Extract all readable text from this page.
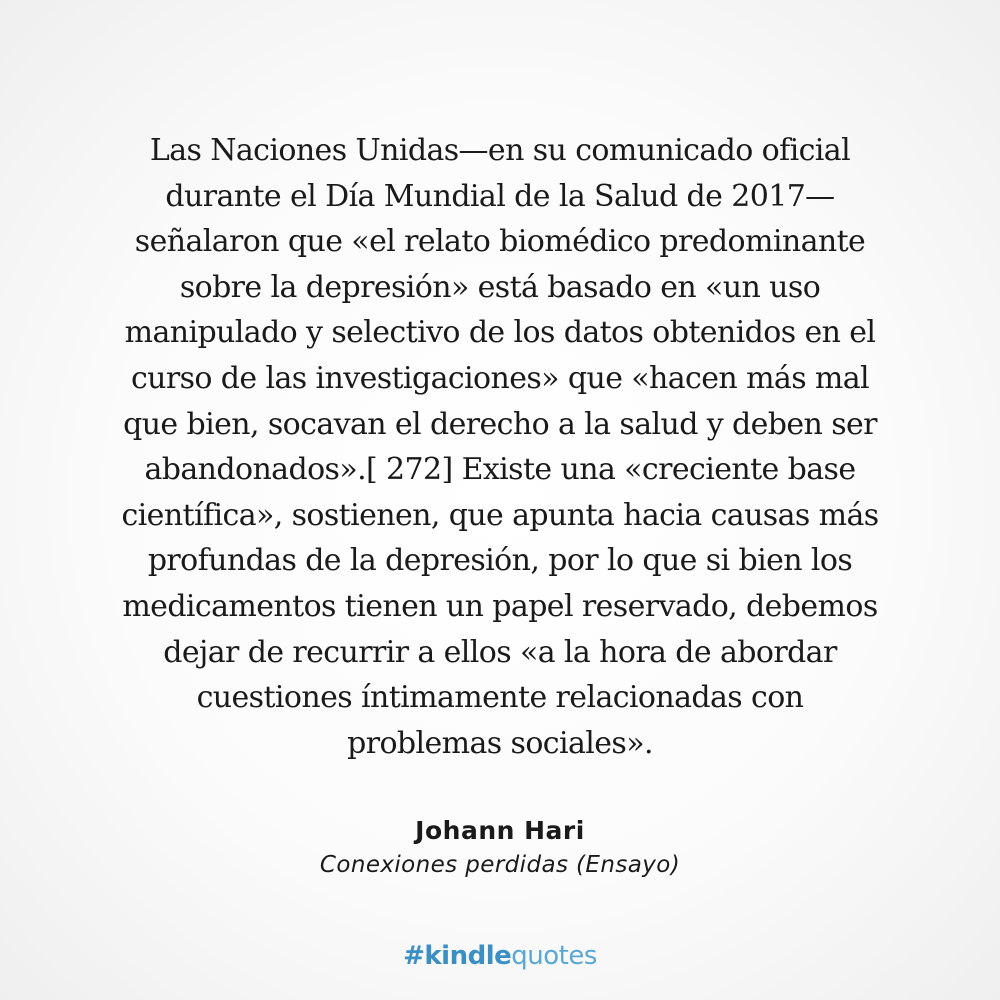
Las Naciones Unidas—en su comunicado oficial
durante el Día Mundial de la Salud de 2017—
señalaron que «el relato biomédico predominante
sobre la depresión» está basado en «un uso
manipulado y selectivo de los datos obtenidos en el
curso de las investigaciones» que «hacen más mal
que bien, socavan el derecho a la salud y deben ser
abandonados».[ 272] Existe una «creciente base
científica», sostienen, que apunta hacia causas más
profundas de la depresión, por lo que si bien los
medicamentos tienen un papel reservado, debemos
dejar de recurrir a ellos «a la hora de abordar
cuestiones íntimamente relacionadas con
problemas sociales».
Johann Hari
Conexiones perdidas (Ensayo)
#kindlequotes
